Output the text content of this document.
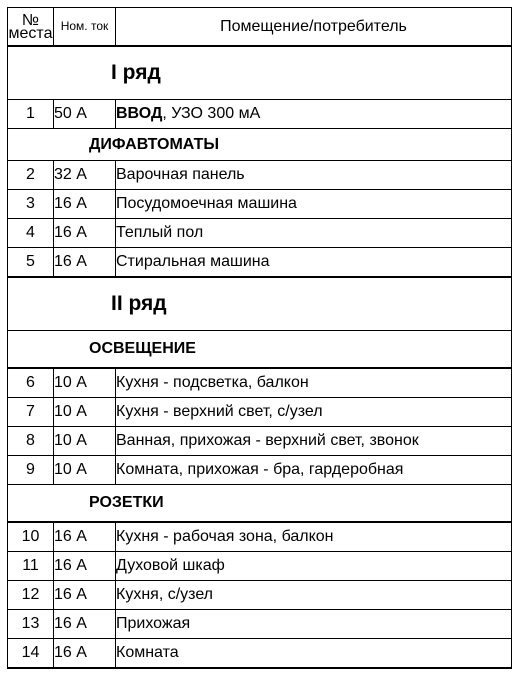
№
места	Ном. ток	Помещение/потребитель
I ряд		
1	50 А	ВВОД, УЗО 300 мА
ДИФАВТОМАТЫ		
2	32 А	Варочная панель
3	16 А	Посудомоечная машина
4	16 А	Теплый пол
5	16 А	Стиральная машина
II ряд		
ОСВЕЩЕНИЕ		
6	10 А	Кухня - подсветка, балкон
7	10 А	Кухня - верхний свет, с/узел
8	10 А	Ванная, прихожая - верхний свет, звонок
9	10 А	Комната, прихожая - бра, гардеробная
РОЗЕТКИ		
10	16 А	Кухня - рабочая зона, балкон
11	16 А	Духовой шкаф
12	16 А	Кухня, с/узел
13	16 А	Прихожая
14	16 А	Комната
